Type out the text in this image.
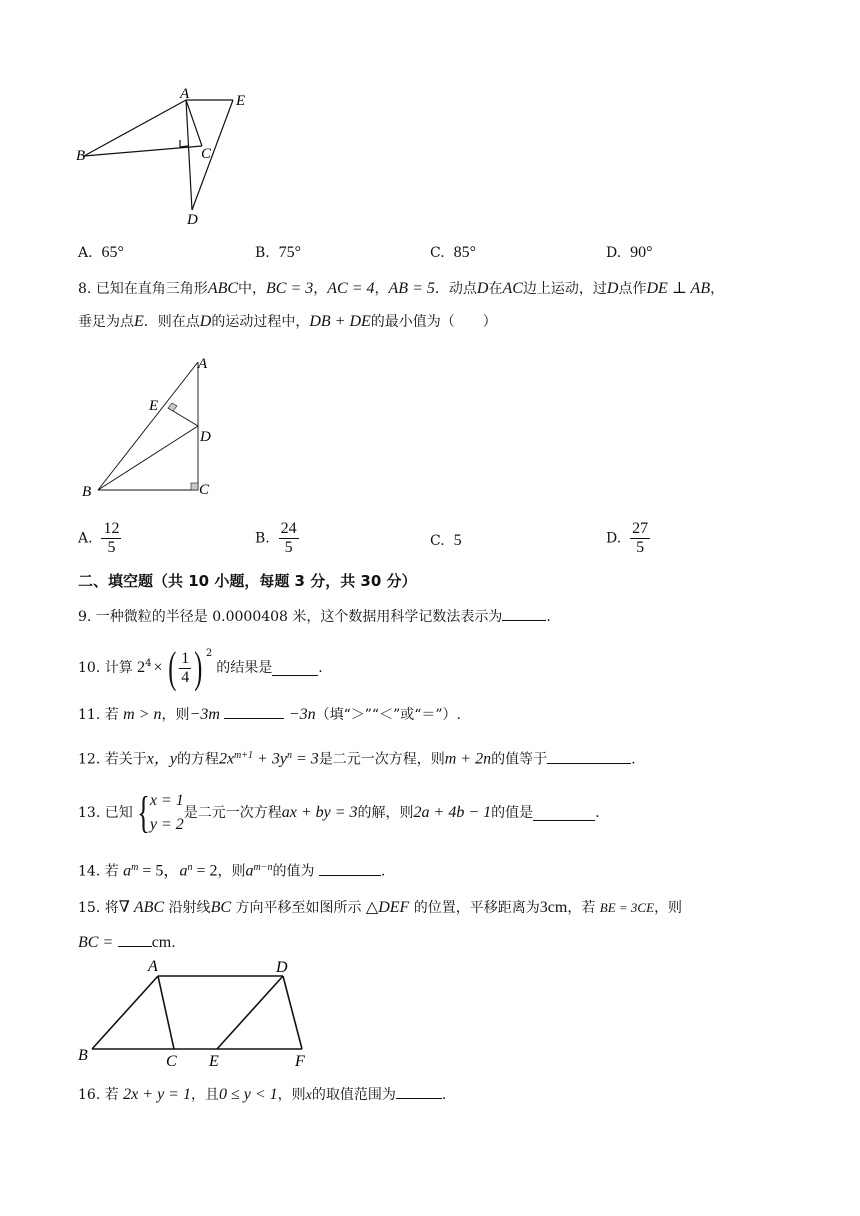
A	E
B	C
D
A. 65°	B. 75°	C. 85°	D. 90°
8. 已知在直角三角形ABC中，BC = 3，AC = 4，AB = 5．动点D在AC边上运动，过D点作DE ⊥ AB，
垂足为点E．则在点D的运动过程中，DB + DE的最小值为（　　）
A
E
D
B	C
A. $\frac{12}{5}$	B. $\frac{24}{5}$	C. 5	D. $\frac{27}{5}$
二、填空题（共 10 小题，每题 3 分，共 30 分）
9. 一种微粒的半径是 0.0000408 米，这个数据用科学记数法表示为	.
10. 计算
$2^4$ × ( $\frac{1}{4}$ ) $^2$
的结果是	.
11. 若 m > n，则−3m	−3n（填“＞”“＜”或“＝”）.
12. 若关于x，y的方程$2x^{m+1} + 3y^n = 3$是二元一次方程，则m + 2n的值等于	.
13. 已知 { x = 1
y = 2
是二元一次方程 ax + by = 3 的解，则 2a + 4b − 1 的值是	.
14. 若 $a^m = 5$，$a^n = 2$，则$a^{m-n}$的值为	.
15. 将∇ ABC 沿射线BC 方向平移至如图所示 △DEF 的位置，平移距离为3cm，若 BE = 3CE，则
BC = cm.
A	D
B	C E	F
16. 若 2x + y = 1，且0 ≤ y < 1，则x的取值范围为	.
